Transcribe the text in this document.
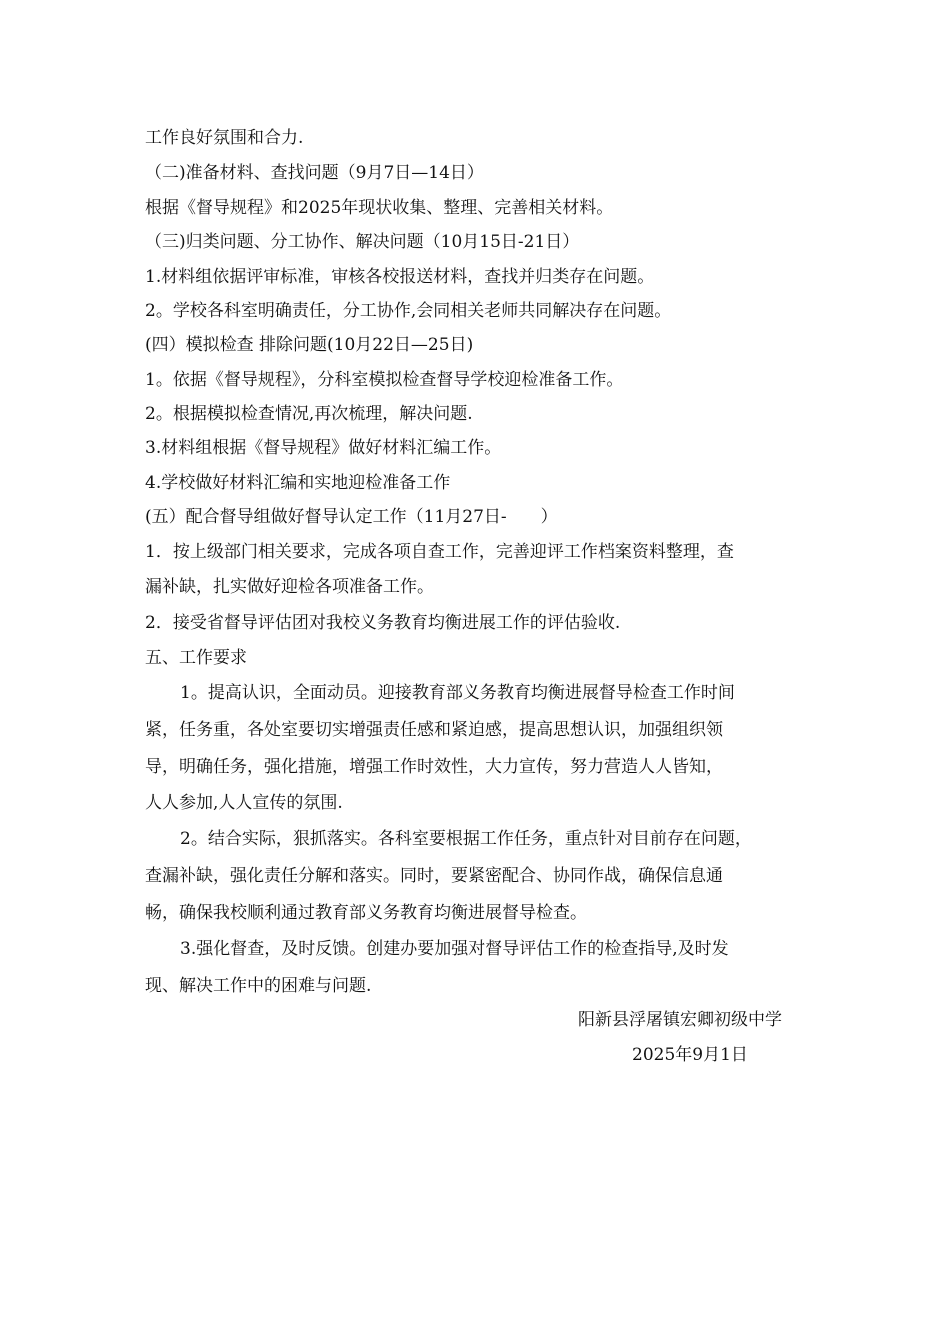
工作良好氛围和合力.
（二)准备材料、查找问题（9月7日—14日）
根据《督导规程》和2025年现状收集、整理、完善相关材料。
（三)归类问题、分工协作、解决问题（10月15日-21日）
1.材料组依据评审标准，审核各校报送材料，查找并归类存在问题。
2。学校各科室明确责任，分工协作,会同相关老师共同解决存在问题。
(四）模拟检查 排除问题(10月22日—25日)
1。依据《督导规程》，分科室模拟检查督导学校迎检准备工作。
2。根据模拟检查情况,再次梳理，解决问题.
3.材料组根据《督导规程》做好材料汇编工作。
4.学校做好材料汇编和实地迎检准备工作
(五）配合督导组做好督导认定工作（11月27日-　　）
1．按上级部门相关要求，完成各项自查工作，完善迎评工作档案资料整理，查
漏补缺，扎实做好迎检各项准备工作。
2．接受省督导评估团对我校义务教育均衡进展工作的评估验收.
五、工作要求
1。提高认识，全面动员。迎接教育部义务教育均衡进展督导检查工作时间
紧，任务重，各处室要切实增强责任感和紧迫感，提高思想认识，加强组织领
导，明确任务，强化措施，增强工作时效性，大力宣传，努力营造人人皆知，
人人参加,人人宣传的氛围.
2。结合实际，狠抓落实。各科室要根据工作任务，重点针对目前存在问题，
查漏补缺，强化责任分解和落实。同时，要紧密配合、协同作战，确保信息通
畅，确保我校顺利通过教育部义务教育均衡进展督导检查。
3.强化督查，及时反馈。创建办要加强对督导评估工作的检查指导,及时发
现、解决工作中的困难与问题.
阳新县浮屠镇宏卿初级中学
2025年9月1日
